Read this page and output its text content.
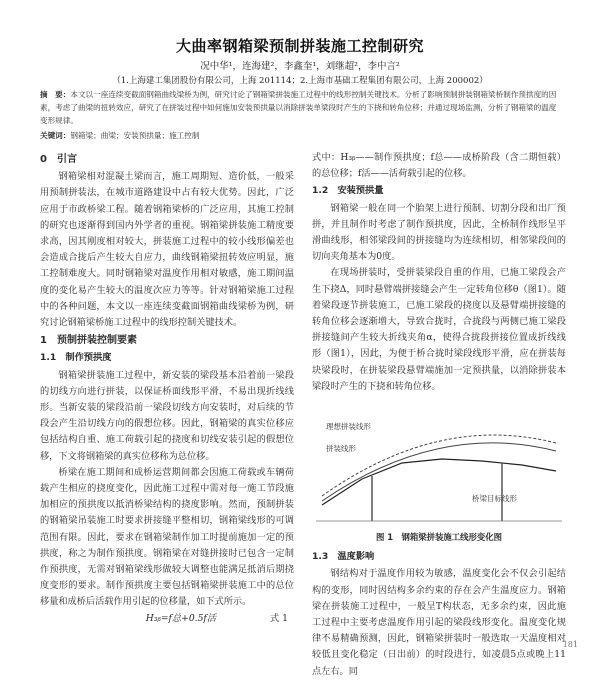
大曲率钢箱梁预制拼装施工控制研究
况中华¹，连海建²，李鑫奎¹，刘继超²，李中言²
（1.上海建工集团股份有限公司，上海 201114；2.上海市基础工程集团有限公司，上海 200002）
摘　要：本文以一座连续变截面钢箱曲线梁桥为例，研究讨论了钢箱梁拼装施工过程中的线形控制关键技术。分析了影响预制拼装钢箱梁桥制作预拱度的因素，考虑了曲梁的扭转效应，研究了在拼装过程中如何施加安装预拱量以消除拼装单梁段时产生的下挠和转角位移；并通过现场监测，分析了钢箱梁的温度变形规律。
关键词：钢箱梁；曲梁；安装预拱量；施工控制
0　引言

钢箱梁相对混凝土梁而言，施工周期短、造价低，一般采用预制拼装法，在城市道路建设中占有较大优势。因此，广泛应用于市政桥梁工程。随着钢箱梁桥的广泛应用，其施工控制的研究也逐渐得到国内外学者的重视。钢箱梁拼装施工精度要求高，因其刚度相对较大，拼装施工过程中的较小线形偏差也会造成合拢后产生较大自应力，曲线钢箱梁扭转效应明显，施工控制难度大。同时钢箱梁对温度作用相对敏感，施工期间温度的变化易产生较大的温度次应力等等。针对钢箱梁施工过程中的各种问题，本文以一座连续变截面钢箱曲线梁桥为例，研究讨论钢箱梁桥施工过程中的线形控制关键技术。

1　预制拼装控制要素
1.1　制作预拱度

钢箱梁拼装施工过程中，新安装的梁段基本沿着前一梁段的切线方向进行拼装，以保证桥面线形平滑，不易出现折线线形。当新安装的梁段沿前一梁段切线方向安装时，对后续的节段会产生沿切线方向的假想位移。因此，钢箱梁的真实位移应包括结构自重、施工荷载引起的挠度和切线安装引起的假想位移，下文将钢箱梁的真实位移称为总位移。

桥梁在施工期间和成桥运营期间都会因施工荷载或车辆荷载产生相应的挠度变化，因此施工过程中需对每一施工节段施加相应的预拱度以抵消桥梁结构的挠度影响。然而，预制拼装的钢箱梁吊装施工时要求拼接缝平整相切，钢箱梁线形的可调范围有限。因此，要求在钢箱梁制作加工时提前施加一定的预拱度，称之为制作预拱度。钢箱梁在对缝拼接时已包含一定制作预拱度，无需对钢箱梁线形做较大调整也能满足抵消后期挠度变形的要求。制作预拱度主要包括钢箱梁拼装施工中的总位移量和成桥后活载作用引起的位移量，如下式所示。

H₃ᵦ=f总+0.5f活	式 1

式中：H₃ᵦ——制作预拱度；f总——成桥阶段（含二期恒载）的总位移；f活——活荷载引起的位移。

1.2　安装预拱量

钢箱梁一般在同一个胎架上进行预制、切割分段和出厂预拼，并且制作时考虑了制作预拱度，因此，全桥制作线形呈平滑曲线形，相邻梁段间的拼接缝均为连续相切，相邻梁段间的切向夹角基本为0度。

在现场拼装时，受拼装梁段自重的作用，已施工梁段会产生下挠Δ，同时悬臂端拼接缝会产生一定转角位移θ（图1）。随着梁段逐节拼装施工，已施工梁段的挠度以及悬臂端拼接缝的转角位移会逐渐增大，导致合拢时，合拢段与两侧已施工梁段拼接缝间产生较大折线夹角α，使得合拢段拼接位置成折线线形（图1），因此，为便于桥合拢时梁段线形平滑，应在拼装每块梁段时，在拼装梁段悬臂端施加一定预拱量，以消除拼装本梁段时产生的下挠和转角位移。

理想拼装线形
拼装线形
桥梁目标线形
图 1　钢箱梁拼装施工线形变化图
1.3　温度影响

钢结构对于温度作用较为敏感，温度变化会不仅会引起结构的变形，同时因结构多余约束的存在会产生温度应力。钢箱梁在拼装施工过程中，一般呈T构状态，无多余约束，因此施工过程中主要考虑温度作用引起的梁段线形变化。温度变化规律不易精确预测，因此，钢箱梁拼装时一般选取一天温度相对较低且变化稳定（日出前）的时段进行，如凌晨5点或晚上11点左右。同

181
